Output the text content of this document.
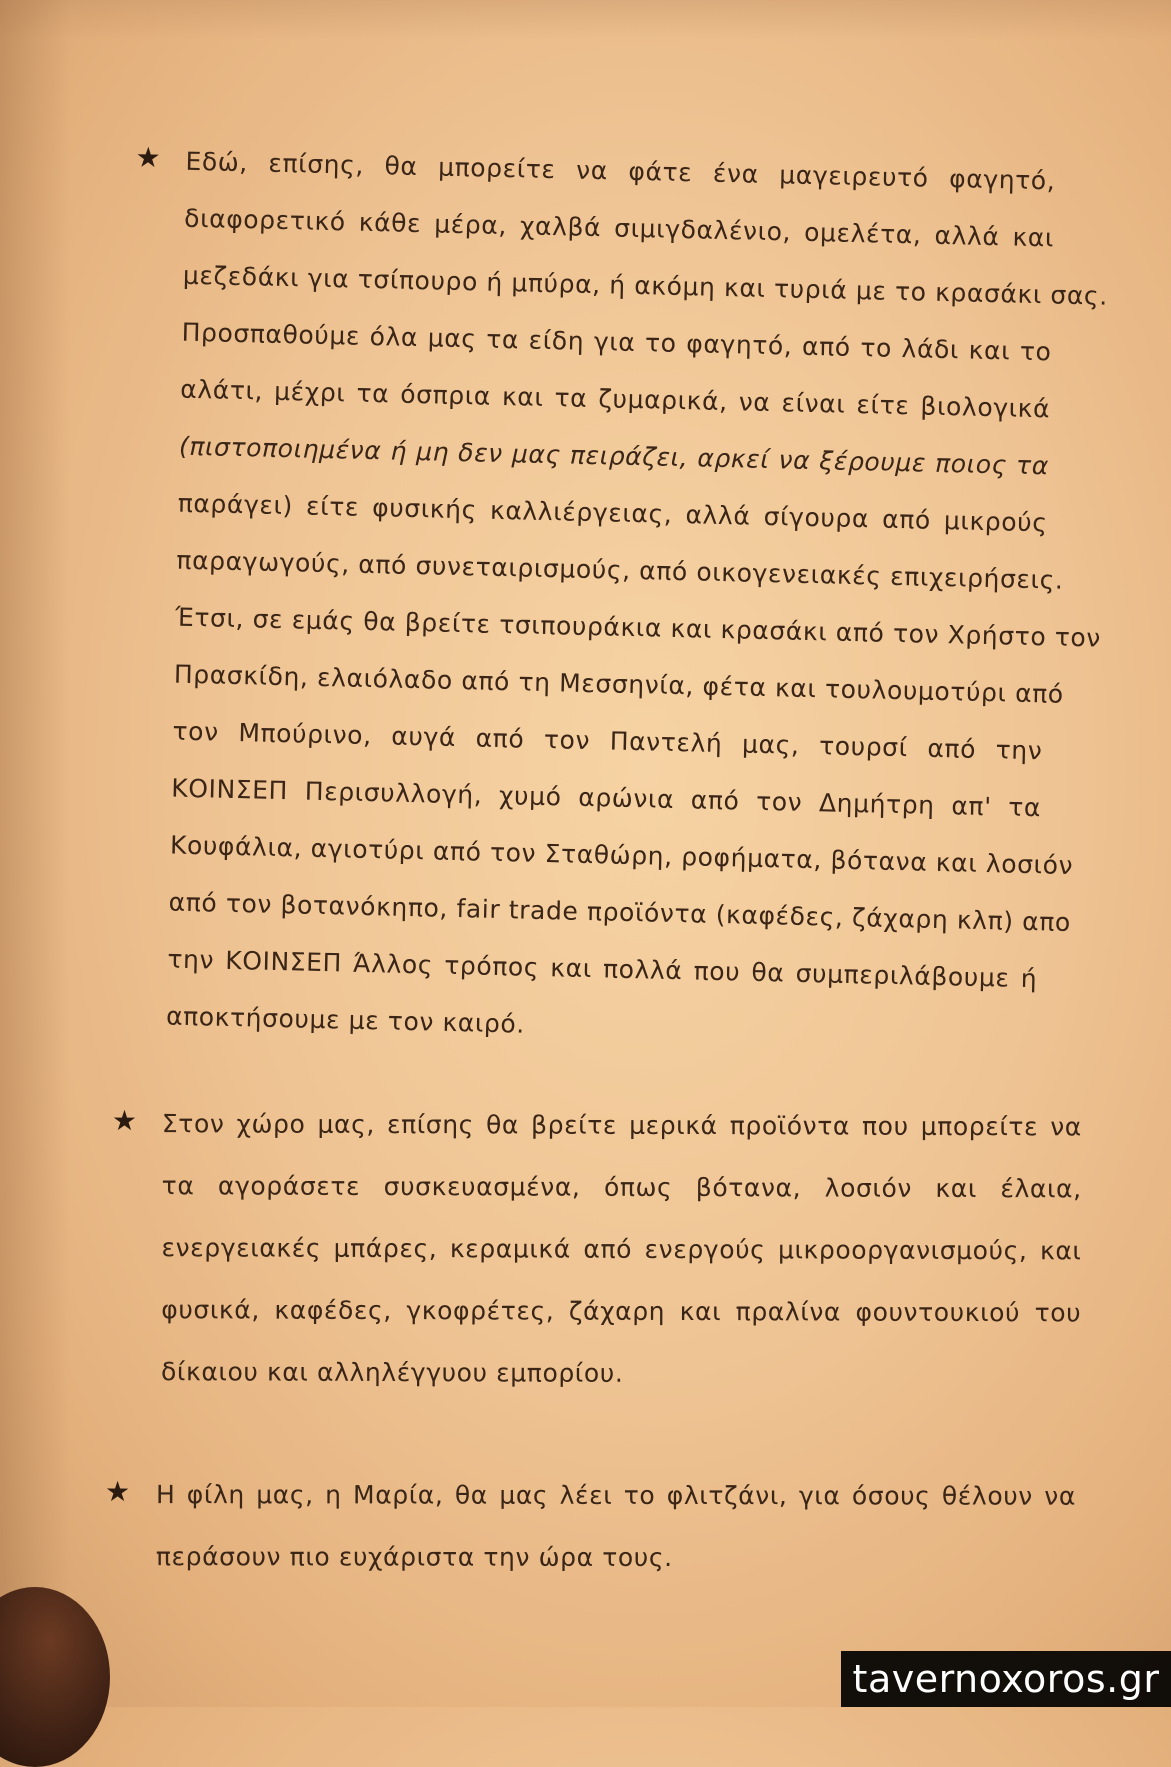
★ Εδώ, επίσης, θα μπορείτε να φάτε ένα μαγειρευτό φαγητό,
διαφορετικό κάθε μέρα, χαλβά σιμιγδαλένιο, ομελέτα, αλλά και
μεζεδάκι για τσίπουρο ή μπύρα, ή ακόμη και τυριά με το κρασάκι σας.
Προσπαθούμε όλα μας τα είδη για το φαγητό, από το λάδι και το
αλάτι, μέχρι τα όσπρια και τα ζυμαρικά, να είναι είτε βιολογικά
(πιστοποιημένα ή μη δεν μας πειράζει, αρκεί να ξέρουμε ποιος τα
παράγει) είτε φυσικής καλλιέργειας, αλλά σίγουρα από μικρούς
παραγωγούς, από συνεταιρισμούς, από οικογενειακές επιχειρήσεις.
Έτσι, σε εμάς θα βρείτε τσιπουράκια και κρασάκι από τον Χρήστο τον
Πρασκίδη, ελαιόλαδο από τη Μεσσηνία, φέτα και τουλουμοτύρι από
τον Μπούρινο, αυγά από τον Παντελή μας, τουρσί από την
ΚΟΙΝΣΕΠ Περισυλλογή, χυμό αρώνια από τον Δημήτρη απ' τα
Κουφάλια, αγιοτύρι από τον Σταθώρη, ροφήματα, βότανα και λοσιόν
από τον βοτανόκηπο, fair trade προϊόντα (καφέδες, ζάχαρη κλπ) απο
την ΚΟΙΝΣΕΠ Άλλος τρόπος και πολλά που θα συμπεριλάβουμε ή
αποκτήσουμε με τον καιρό.
★ Στον χώρο μας, επίσης θα βρείτε μερικά προϊόντα που μπορείτε να
τα αγοράσετε συσκευασμένα, όπως βότανα, λοσιόν και έλαια,
ενεργειακές μπάρες, κεραμικά από ενεργούς μικροοργανισμούς, και
φυσικά, καφέδες, γκοφρέτες, ζάχαρη και πραλίνα φουντουκιού του
δίκαιου και αλληλέγγυου εμπορίου.
★ Η φίλη μας, η Μαρία, θα μας λέει το φλιτζάνι, για όσους θέλουν να
περάσουν πιο ευχάριστα την ώρα τους.
tavernoxoros.gr
